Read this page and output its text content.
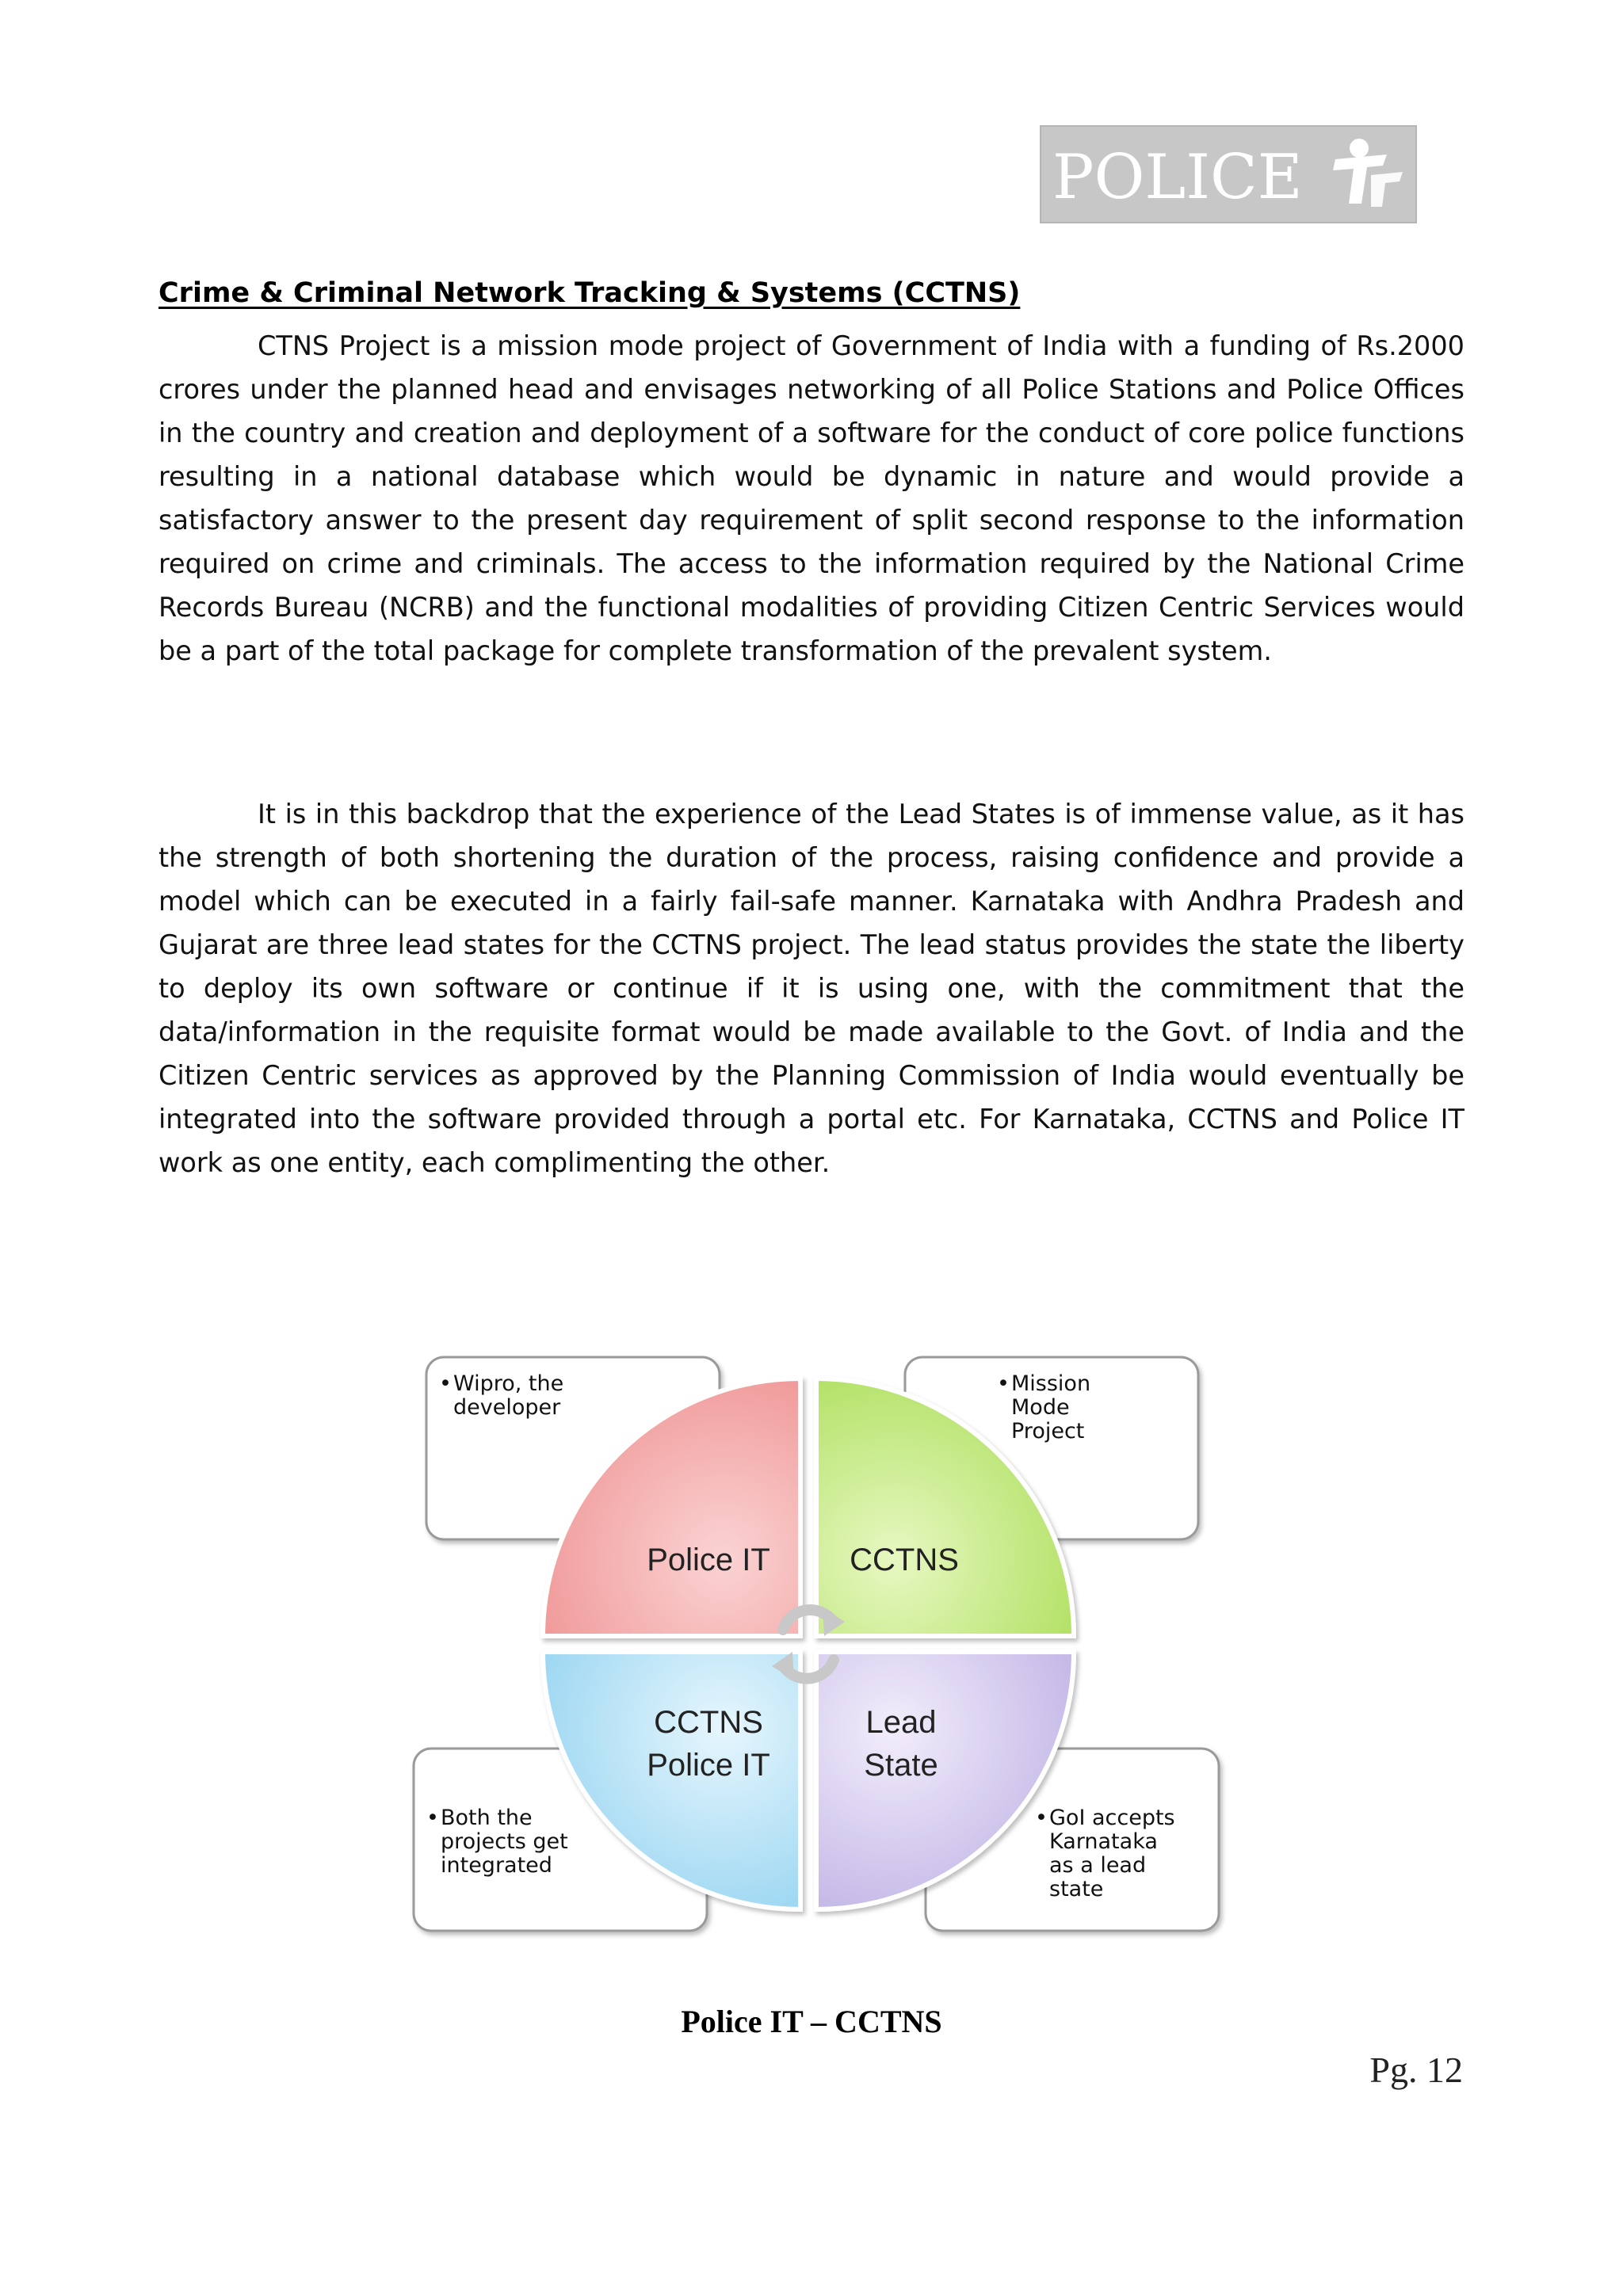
POLICE
Crime & Criminal Network Tracking & Systems (CCTNS)

CTNS Project is a mission mode project of Government of India with a funding of Rs.2000 crores under the planned head and envisages networking of all Police Stations and Police Offices in the country and creation and deployment of a software for the conduct of core police functions resulting in a national database which would be dynamic in nature and would provide a satisfactory answer to the present day requirement of split second response to the information required on crime and criminals. The access to the information required by the National Crime Records Bureau (NCRB) and the functional modalities of providing Citizen Centric Services would be a part of the total package for complete transformation of the prevalent system.

It is in this backdrop that the experience of the Lead States is of immense value, as it has the strength of both shortening the duration of the process, raising confidence and provide a model which can be executed in a fairly fail-safe manner. Karnataka with Andhra Pradesh and Gujarat are three lead states for the CCTNS project. The lead status provides the state the liberty to deploy its own software or continue if it is using one, with the commitment that the data/information in the requisite format would be made available to the Govt. of India and the Citizen Centric services as approved by the Planning Commission of India would eventually be integrated into the software provided through a portal etc. For Karnataka, CCTNS and Police IT work as one entity, each complimenting the other.

• Wipro, the
developer
• Mission
Mode
Project
• Both the
projects get
integrated
• GoI accepts
Karnataka
as a lead
state
Police IT	CCTNS
CCTNS
Police IT
Lead
State

Police IT – CCTNS

Pg. 12
